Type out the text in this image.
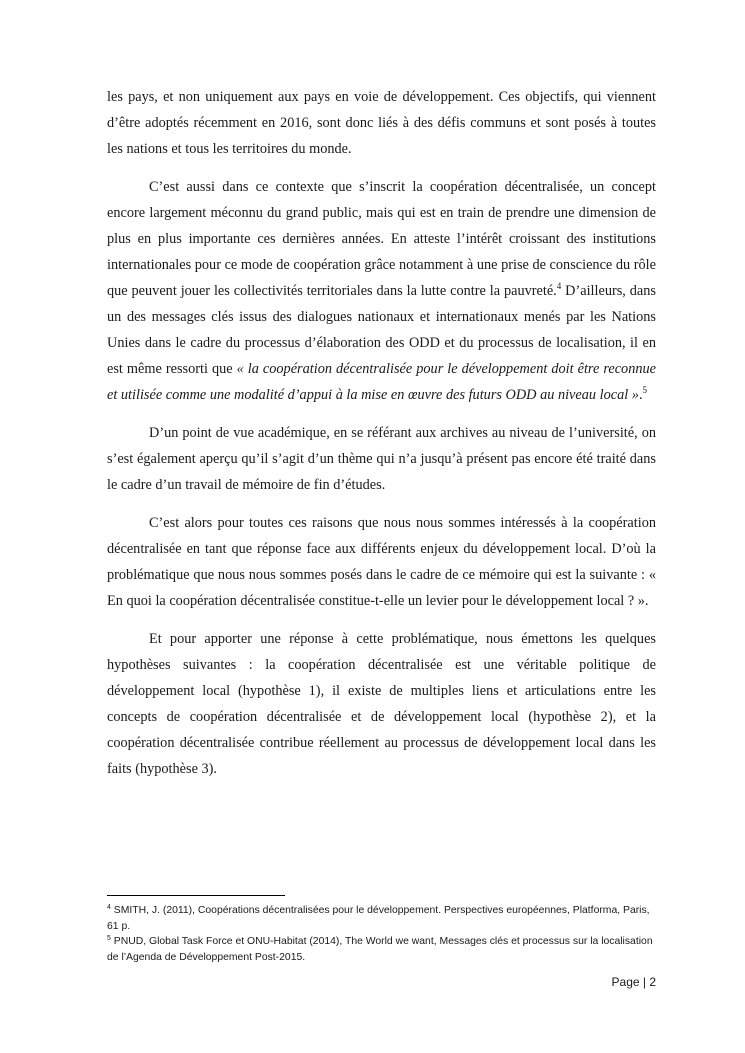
les pays, et non uniquement aux pays en voie de développement. Ces objectifs, qui viennent d’être adoptés récemment en 2016, sont donc liés à des défis communs et sont posés à toutes les nations et tous les territoires du monde.

C’est aussi dans ce contexte que s’inscrit la coopération décentralisée, un concept encore largement méconnu du grand public, mais qui est en train de prendre une dimension de plus en plus importante ces dernières années. En atteste l’intérêt croissant des institutions internationales pour ce mode de coopération grâce notamment à une prise de conscience du rôle que peuvent jouer les collectivités territoriales dans la lutte contre la pauvreté.$^4$ D’ailleurs, dans un des messages clés issus des dialogues nationaux et internationaux menés par les Nations Unies dans le cadre du processus d’élaboration des ODD et du processus de localisation, il en est même ressorti que « la coopération décentralisée pour le développement doit être reconnue et utilisée comme une modalité d’appui à la mise en œuvre des futurs ODD au niveau local ».$^5$

D’un point de vue académique, en se référant aux archives au niveau de l’université, on s’est également aperçu qu’il s’agit d’un thème qui n’a jusqu’à présent pas encore été traité dans le cadre d’un travail de mémoire de fin d’études.

C’est alors pour toutes ces raisons que nous nous sommes intéressés à la coopération décentralisée en tant que réponse face aux différents enjeux du développement local. D’où la problématique que nous nous sommes posés dans le cadre de ce mémoire qui est la suivante : « En quoi la coopération décentralisée constitue-t-elle un levier pour le développement local ? ».

Et pour apporter une réponse à cette problématique, nous émettons les quelques hypothèses suivantes : la coopération décentralisée est une véritable politique de développement local (hypothèse 1), il existe de multiples liens et articulations entre les concepts de coopération décentralisée et de développement local (hypothèse 2), et la coopération décentralisée contribue réellement au processus de développement local dans les faits (hypothèse 3).

$^4$ SMITH, J. (2011), Coopérations décentralisées pour le développement. Perspectives européennes, Platforma, Paris, 61 p.

$^5$ PNUD, Global Task Force et ONU-Habitat (2014), The World we want, Messages clés et processus sur la localisation de l’Agenda de Développement Post-2015.

Page | 2
